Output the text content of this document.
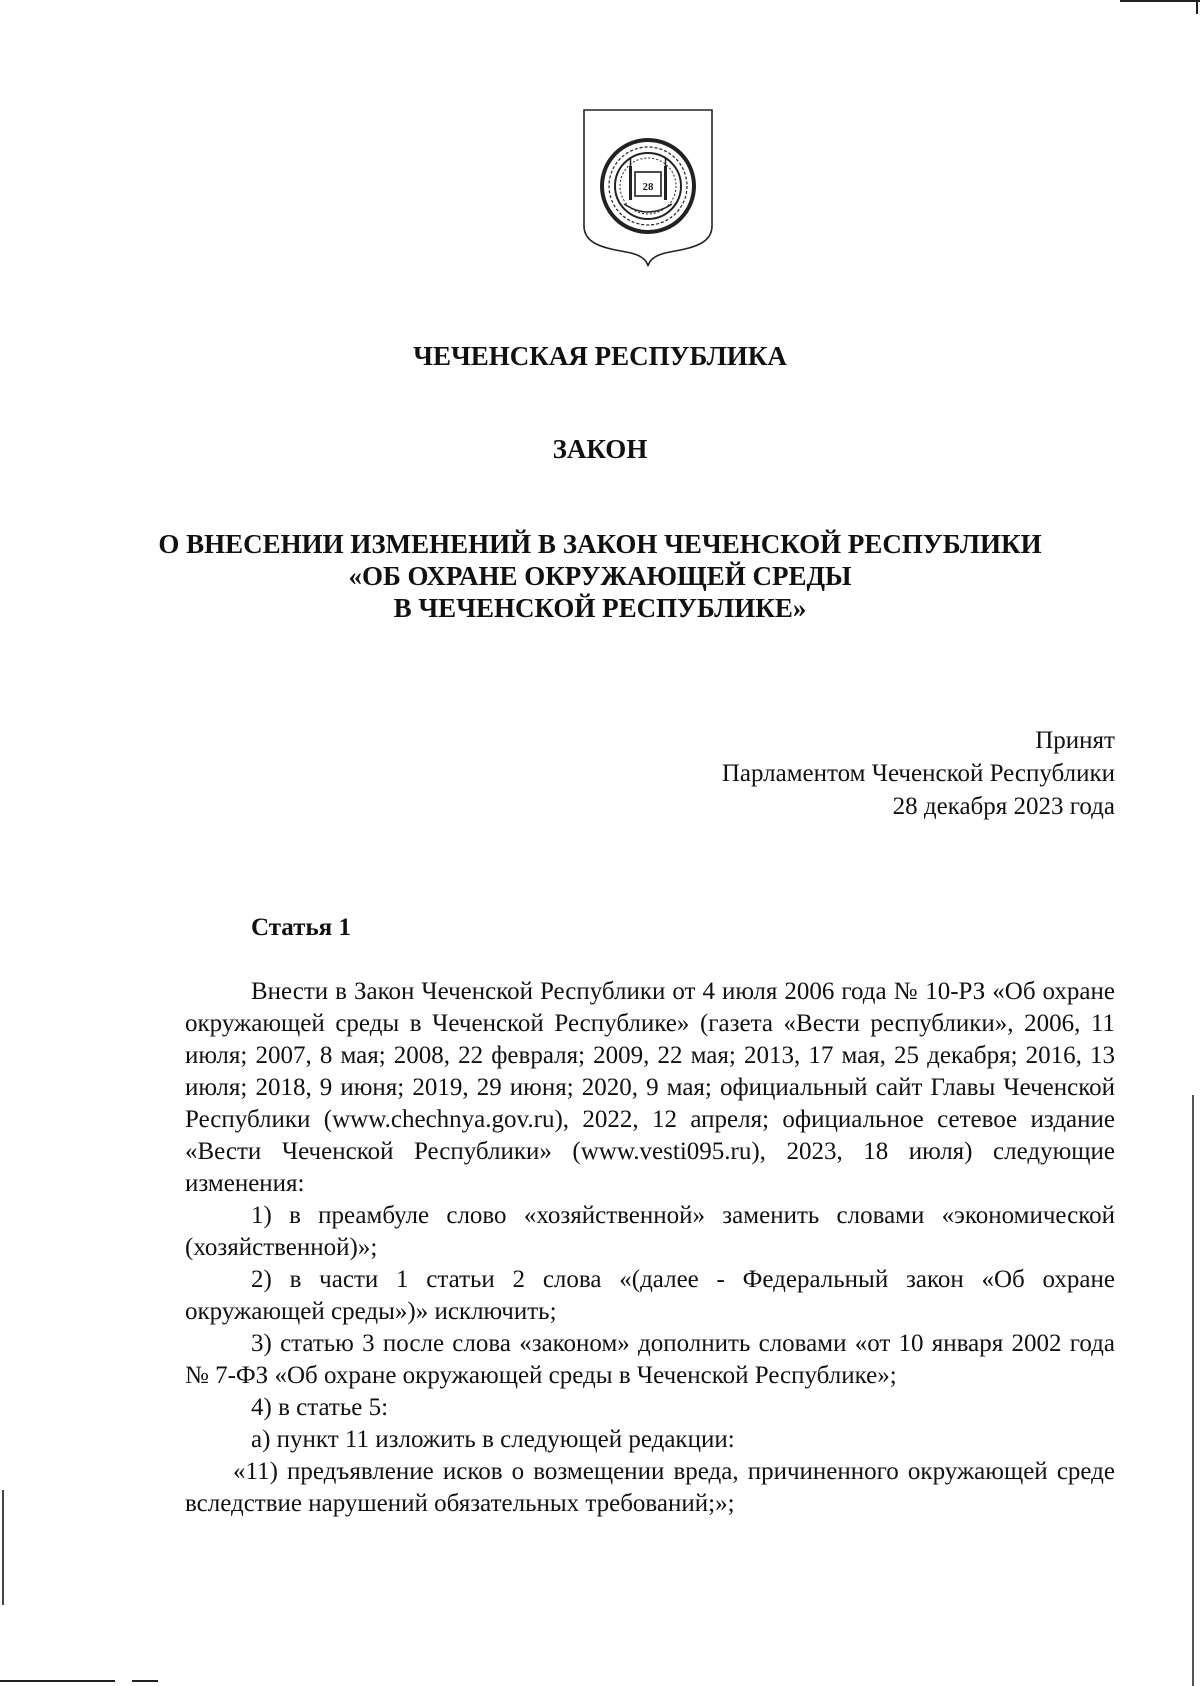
28
ЧЕЧЕНСКАЯ РЕСПУБЛИКА
ЗАКОН
О ВНЕСЕНИИ ИЗМЕНЕНИЙ В ЗАКОН ЧЕЧЕНСКОЙ РЕСПУБЛИКИ
«ОБ ОХРАНЕ ОКРУЖАЮЩЕЙ СРЕДЫ
В ЧЕЧЕНСКОЙ РЕСПУБЛИКЕ»
Принят
Парламентом Чеченской Республики
28 декабря 2023 года
Статья 1

Внести в Закон Чеченской Республики от 4 июля 2006 года № 10-РЗ «Об охране окружающей среды в Чеченской Республике» (газета «Вести республики», 2006, 11 июля; 2007, 8 мая; 2008, 22 февраля; 2009, 22 мая; 2013, 17 мая, 25 декабря; 2016, 13 июля; 2018, 9 июня; 2019, 29 июня; 2020, 9 мая; официальный сайт Главы Чеченской Республики (www.chechnya.gov.ru), 2022, 12 апреля; официальное сетевое издание «Вести Чеченской Республики» (www.vesti095.ru), 2023, 18 июля) следующие изменения:

1) в преамбуле слово «хозяйственной» заменить словами «экономической (хозяйственной)»;

2) в части 1 статьи 2 слова «(далее - Федеральный закон «Об охране окружающей среды»)» исключить;

3) статью 3 после слова «законом» дополнить словами «от 10 января 2002 года № 7-ФЗ «Об охране окружающей среды в Чеченской Республике»;

4) в статье 5:

а) пункт 11 изложить в следующей редакции:

«11) предъявление исков о возмещении вреда, причиненного окружающей среде вследствие нарушений обязательных требований;»;
